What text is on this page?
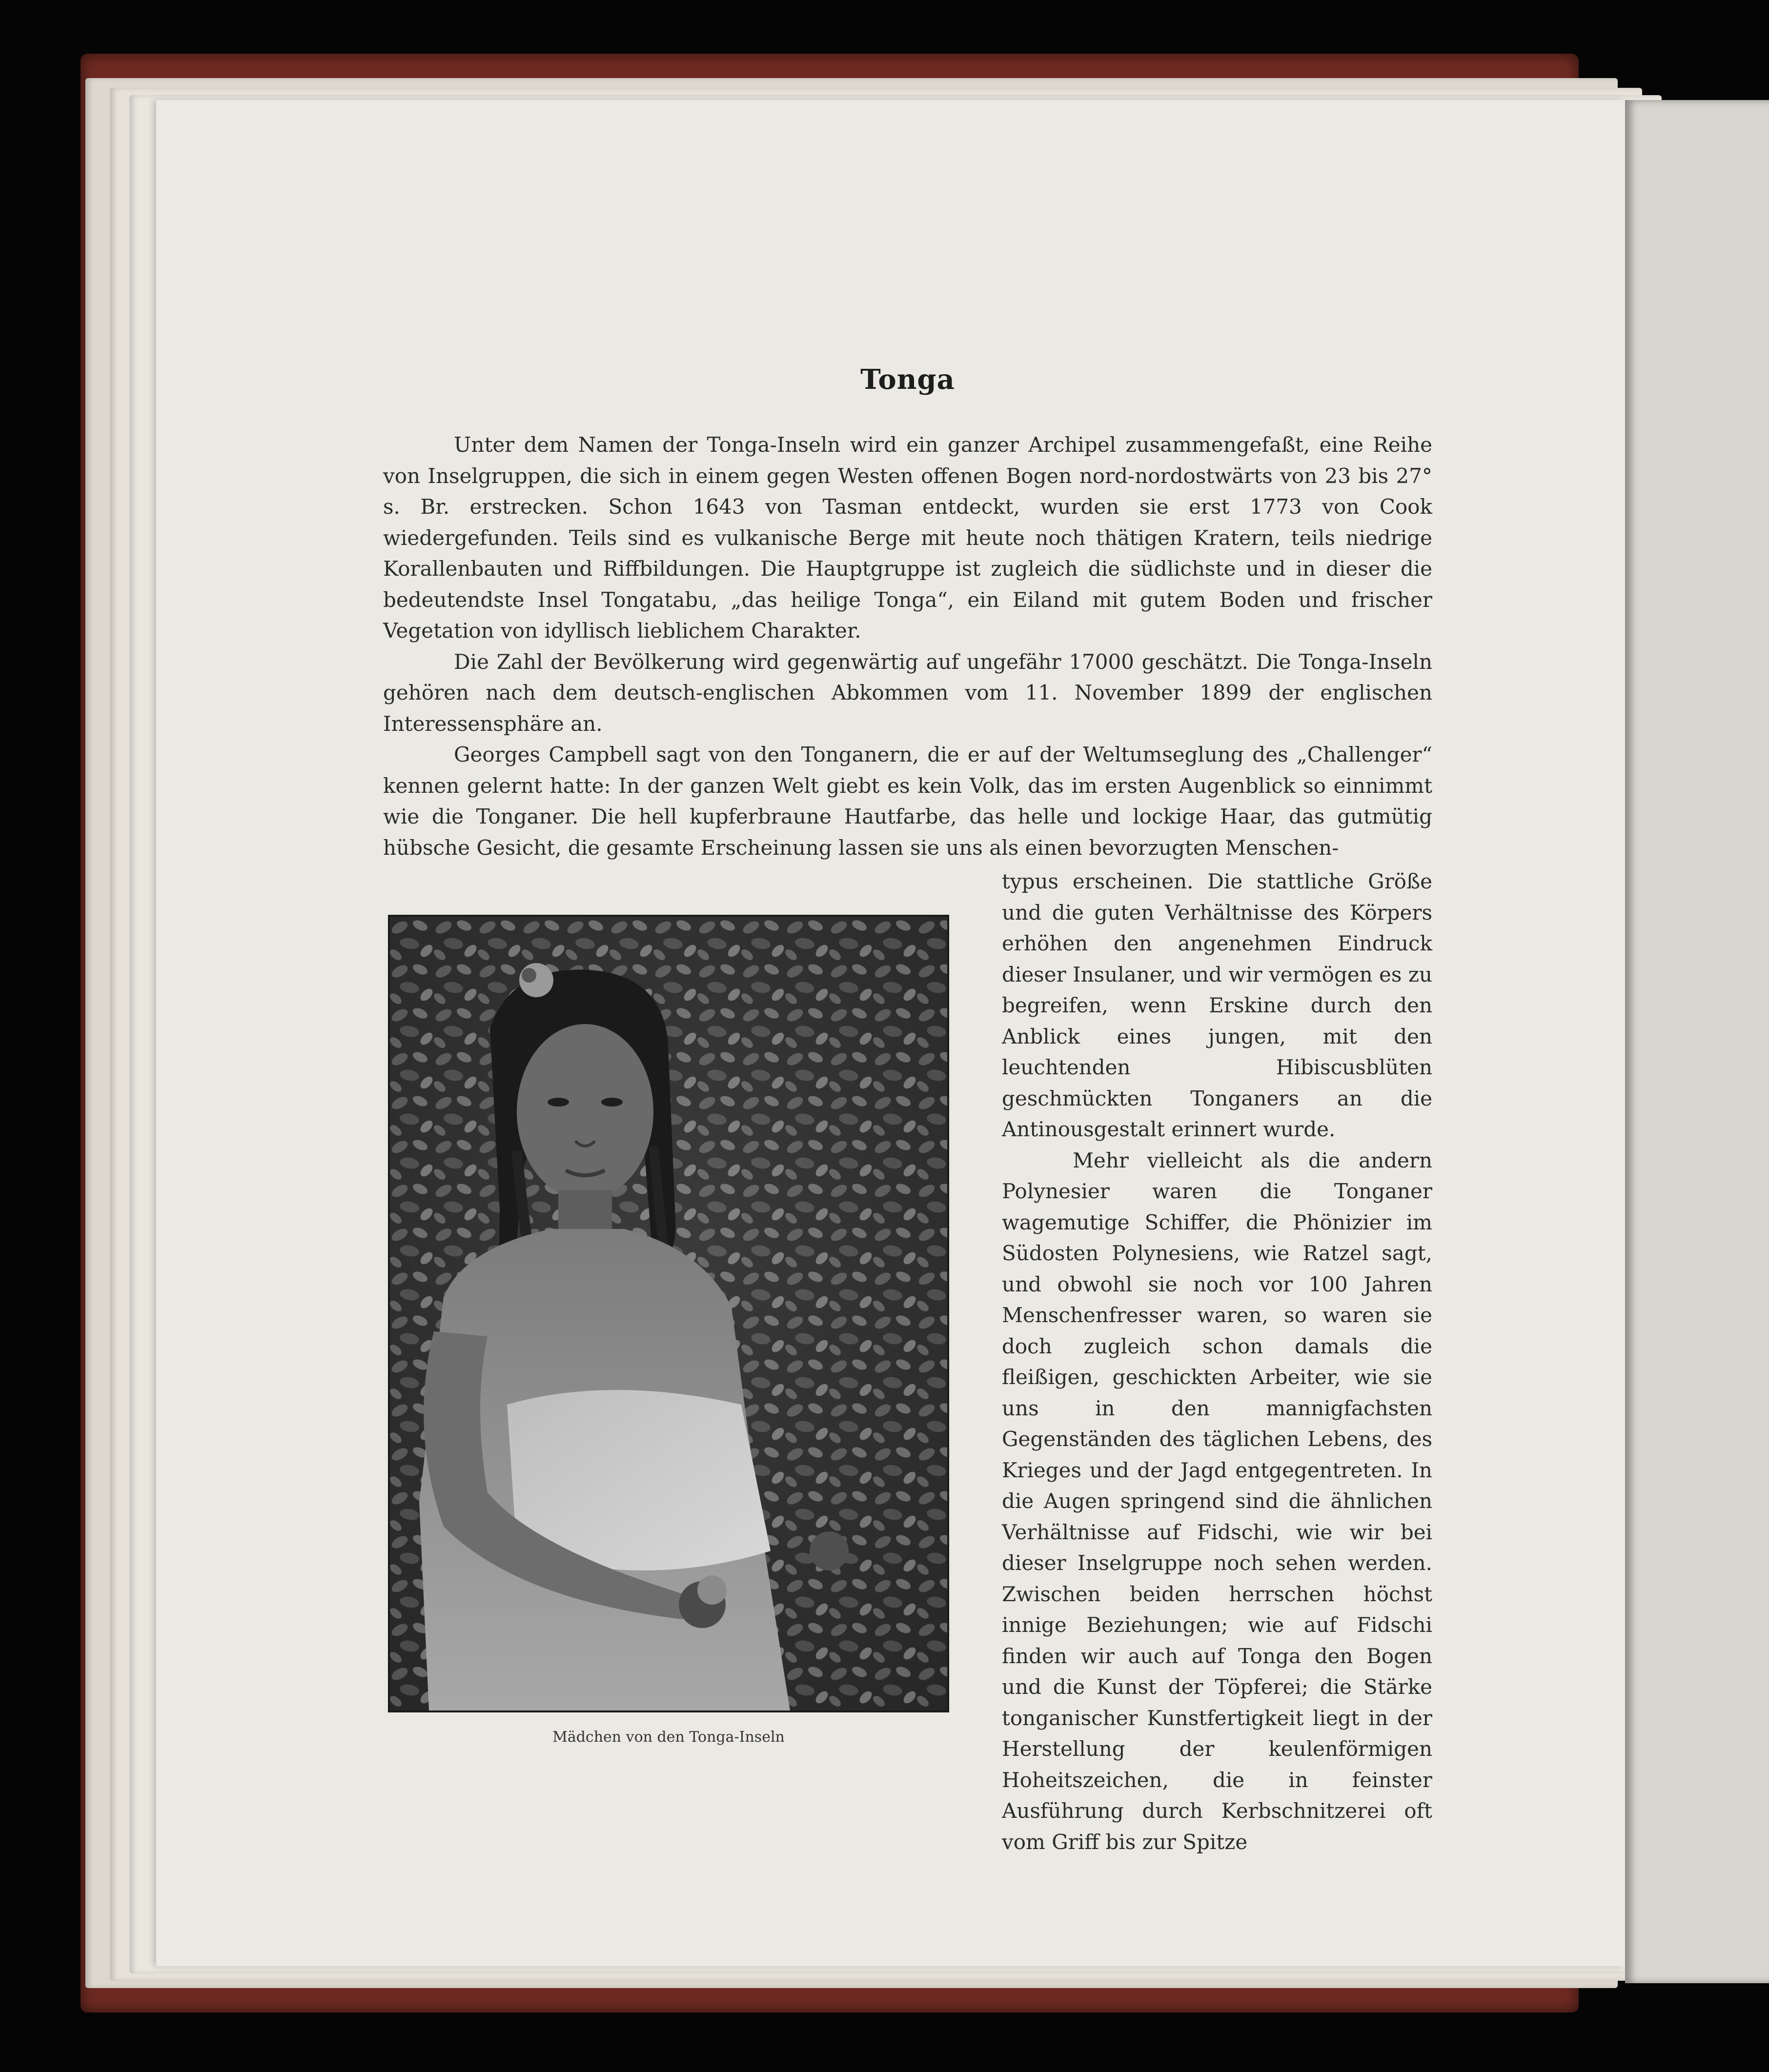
Tonga

Unter dem Namen der Tonga-Inseln wird ein ganzer Archipel zusammengefaßt, eine Reihe von Inselgruppen, die sich in einem gegen Westen offenen Bogen nord-nordostwärts von 23 bis 27° s. Br. erstrecken. Schon 1643 von Tasman entdeckt, wurden sie erst 1773 von Cook wiedergefunden. Teils sind es vulkanische Berge mit heute noch thätigen Kratern, teils niedrige Korallenbauten und Riffbildungen. Die Hauptgruppe ist zugleich die südlichste und in dieser die bedeutendste Insel Tongatabu, „das heilige Tonga“, ein Eiland mit gutem Boden und frischer Vegetation von idyllisch lieblichem Charakter.

Die Zahl der Bevölkerung wird gegenwärtig auf ungefähr 17000 geschätzt. Die Tonga-Inseln gehören nach dem deutsch-englischen Abkommen vom 11. November 1899 der englischen Interessensphäre an.

Georges Campbell sagt von den Tonganern, die er auf der Weltumseglung des „Challenger“ kennen gelernt hatte: In der ganzen Welt giebt es kein Volk, das im ersten Augenblick so einnimmt wie die Tonganer. Die hell kupferbraune Hautfarbe, das helle und lockige Haar, das gutmütig hübsche Gesicht, die gesamte Erscheinung lassen sie uns als einen bevorzugten Menschen-

Mädchen von den Tonga-Inseln

typus erscheinen. Die stattliche Größe und die guten Verhältnisse des Körpers erhöhen den angenehmen Eindruck dieser Insulaner, und wir vermögen es zu begreifen, wenn Erskine durch den Anblick eines jungen, mit den leuchtenden Hibiscusblüten geschmückten Tonganers an die Antinousgestalt erinnert wurde.

Mehr vielleicht als die andern Polynesier waren die Tonganer wagemutige Schiffer, die Phönizier im Südosten Polynesiens, wie Ratzel sagt, und obwohl sie noch vor 100 Jahren Menschenfresser waren, so waren sie doch zugleich schon damals die fleißigen, geschickten Arbeiter, wie sie uns in den mannigfachsten Gegenständen des täglichen Lebens, des Krieges und der Jagd entgegentreten. In die Augen springend sind die ähnlichen Verhältnisse auf Fidschi, wie wir bei dieser Inselgruppe noch sehen werden. Zwischen beiden herrschen höchst innige Beziehungen; wie auf Fidschi finden wir auch auf Tonga den Bogen und die Kunst der Töpferei; die Stärke tonganischer Kunstfertigkeit liegt in der Herstellung der keulenförmigen Hoheitszeichen, die in feinster Ausführung durch Kerbschnitzerei oft vom Griff bis zur Spitze
